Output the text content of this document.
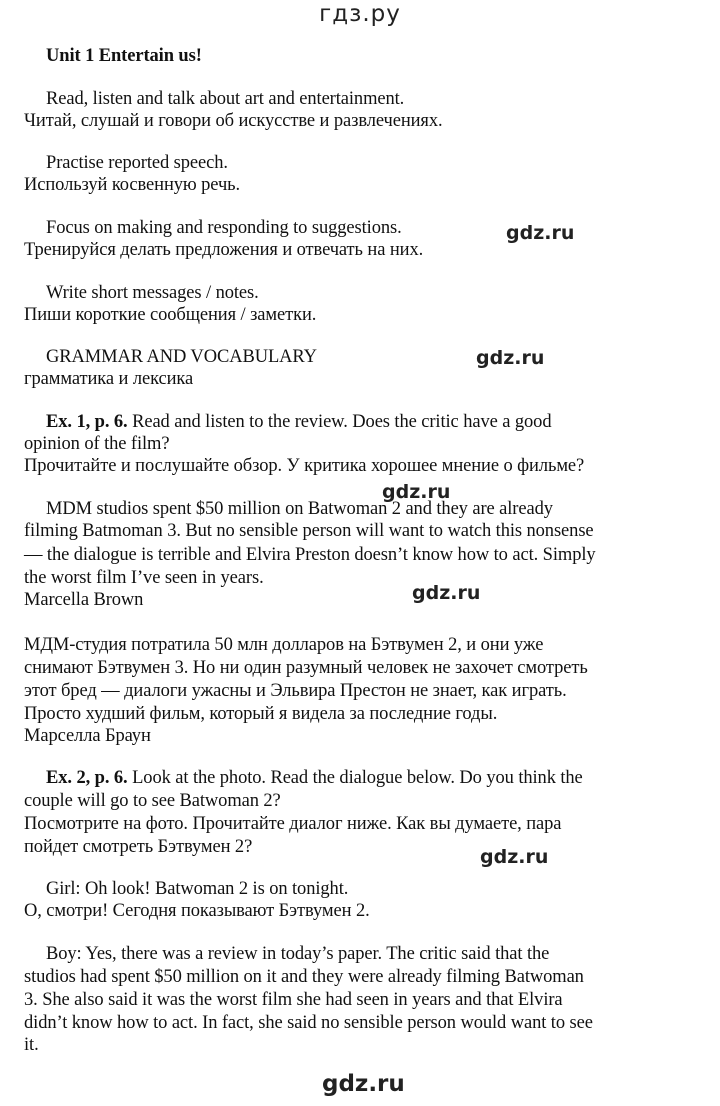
гдз.ру
Unit 1 Entertain us!
Read, listen and talk about art and entertainment.
Читай, слушай и говори об искусстве и развлечениях.
Practise reported speech.
Используй косвенную речь.
Focus on making and responding to suggestions.
Тренируйся делать предложения и отвечать на них.
Write short messages / notes.
Пиши короткие сообщения / заметки.
GRAMMAR AND VOCABULARY
грамматика и лексика
Ex. 1, p. 6. Read and listen to the review. Does the critic have a good
opinion of the film?
Прочитайте и послушайте обзор. У критика хорошее мнение о фильме?
MDM studios spent $50 million on Batwoman 2 and they are already
filming Batmoman 3. But no sensible person will want to watch this nonsense
— the dialogue is terrible and Elvira Preston doesn’t know how to act. Simply
the worst film I’ve seen in years.
Marcella Brown
МДМ-студия потратила 50 млн долларов на Бэтвумен 2, и они уже
снимают Бэтвумен 3. Но ни один разумный человек не захочет смотреть
этот бред — диалоги ужасны и Эльвира Престон не знает, как играть.
Просто худший фильм, который я видела за последние годы.
Марселла Браун
Ex. 2, p. 6. Look at the photo. Read the dialogue below. Do you think the
couple will go to see Batwoman 2?
Посмотрите на фото. Прочитайте диалог ниже. Как вы думаете, пара
пойдет смотреть Бэтвумен 2?
Girl: Oh look! Batwoman 2 is on tonight.
О, смотри! Сегодня показывают Бэтвумен 2.
Boy: Yes, there was a review in today’s paper. The critic said that the
studios had spent $50 million on it and they were already filming Batwoman
3. She also said it was the worst film she had seen in years and that Elvira
didn’t know how to act. In fact, she said no sensible person would want to see
it.
gdz.ru
gdz.ru
gdz.ru
gdz.ru
gdz.ru
gdz.ru
